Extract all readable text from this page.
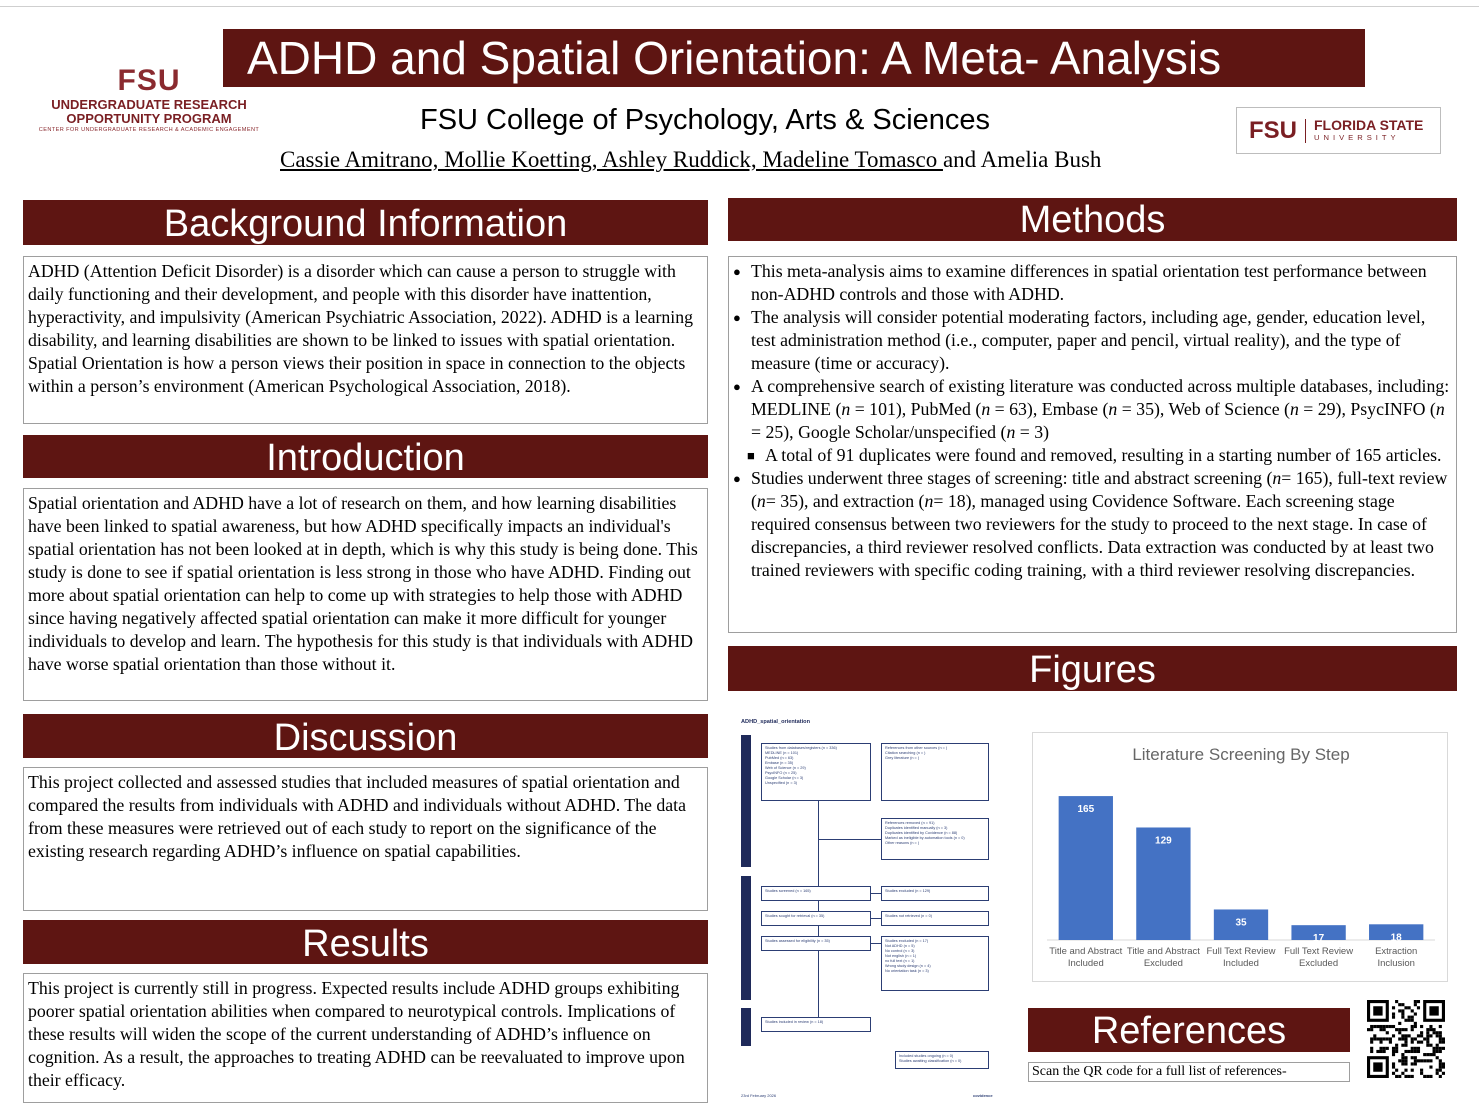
FSU
UNDERGRADUATE RESEARCH
OPPORTUNITY PROGRAM
CENTER FOR UNDERGRADUATE RESEARCH & ACADEMIC ENGAGEMENT
ADHD and Spatial Orientation: A Meta- Analysis
FSU College of Psychology, Arts & Sciences
Cassie Amitrano, Mollie Koetting, Ashley Ruddick, Madeline Tomasco and Amelia Bush
FSU	FLORIDA STATE
UNIVERSITY
Background Information
ADHD (Attention Deficit Disorder) is a disorder which can cause a person to struggle with daily functioning and their development, and people with this disorder have inattention, hyperactivity, and impulsivity (American Psychiatric Association, 2022). ADHD is a learning disability, and learning disabilities are shown to be linked to issues with spatial orientation. Spatial Orientation is how a person views their position in space in connection to the objects within a person’s environment (American Psychological Association, 2018).
Introduction
Spatial orientation and ADHD have a lot of research on them, and how learning disabilities have been linked to spatial awareness, but how ADHD specifically impacts an individual's spatial orientation has not been looked at in depth, which is why this study is being done. This study is done to see if spatial orientation is less strong in those who have ADHD. Finding out more about spatial orientation can help to come up with strategies to help those with ADHD since having negatively affected spatial orientation can make it more difficult for younger individuals to develop and learn. The hypothesis for this study is that individuals with ADHD have worse spatial orientation than those without it.
Discussion
This project collected and assessed studies that included measures of spatial orientation and compared the results from individuals with ADHD and individuals without ADHD. The data from these measures were retrieved out of each study to report on the significance of the existing research regarding ADHD’s influence on spatial capabilities.
Results
This project is currently still in progress. Expected results include ADHD groups exhibiting poorer spatial orientation abilities when compared to neurotypical controls. Implications of these results will widen the scope of the current understanding of ADHD’s influence on cognition. As a result, the approaches to treating ADHD can be reevaluated to improve upon their efficacy.
Methods
● This meta-analysis aims to examine differences in spatial orientation test performance between non-ADHD controls and those with ADHD.
● The analysis will consider potential moderating factors, including age, gender, education level, test administration method (i.e., computer, paper and pencil, virtual reality), and the type of measure (time or accuracy).
● A comprehensive search of existing literature was conducted across multiple databases, including: MEDLINE (n = 101), PubMed (n = 63), Embase (n = 35), Web of Science (n = 29), PsycINFO (n = 25), Google Scholar/unspecified (n = 3)
■ A total of 91 duplicates were found and removed, resulting in a starting number of 165 articles.
● Studies underwent three stages of screening: title and abstract screening (n= 165), full-text review (n= 35), and extraction (n= 18), managed using Covidence Software. Each screening stage required consensus between two reviewers for the study to proceed to the next stage. In case of discrepancies, a third reviewer resolved conflicts. Data extraction was conducted by at least two trained reviewers with specific coding training, with a third reviewer resolving discrepancies.
Figures
ADHD_spatial_orientation
Studies from databases/registers (n = 336)
MEDLINE (n = 101)
PubMed (n = 63)
Embase (n = 35)
Web of Science (n = 29)
PsycINFO (n = 25)
Google Scholar (n = 3)
Unspecified (n = 3)
References from other sources (n = )
Citation searching (n = )
Grey literature (n = )
References removed (n = 91)
Duplicates identified manually (n = 3)
Duplicates identified by Covidence (n = 88)
Marked as ineligible by automation tools (n = 0)
Other reasons (n = )
Studies screened (n = 165)	Studies excluded (n = 129)
Studies sought for retrieval (n = 35)	Studies not retrieved (n = 0)
Studies assessed for eligibility (n = 35)	Studies excluded (n = 17)
Not ADHD (n = 5)
No control (n = 3)
Not english (n = 1)
no full text (n = 1)
Wrong study design (n = 4)
No orientation task (n = 3)
Studies included in review (n = 18)
Included studies ongoing (n = 0)
Studies awaiting classification (n = 0)
23rd February 2026	covidence
Literature Screening By Step
165
Title and Abstract
Included
129
Title and Abstract
Excluded
35
Full Text Review
Included
17
Full Text Review
Excluded
18
Extraction
Inclusion
References
Scan the QR code for a full list of references-
